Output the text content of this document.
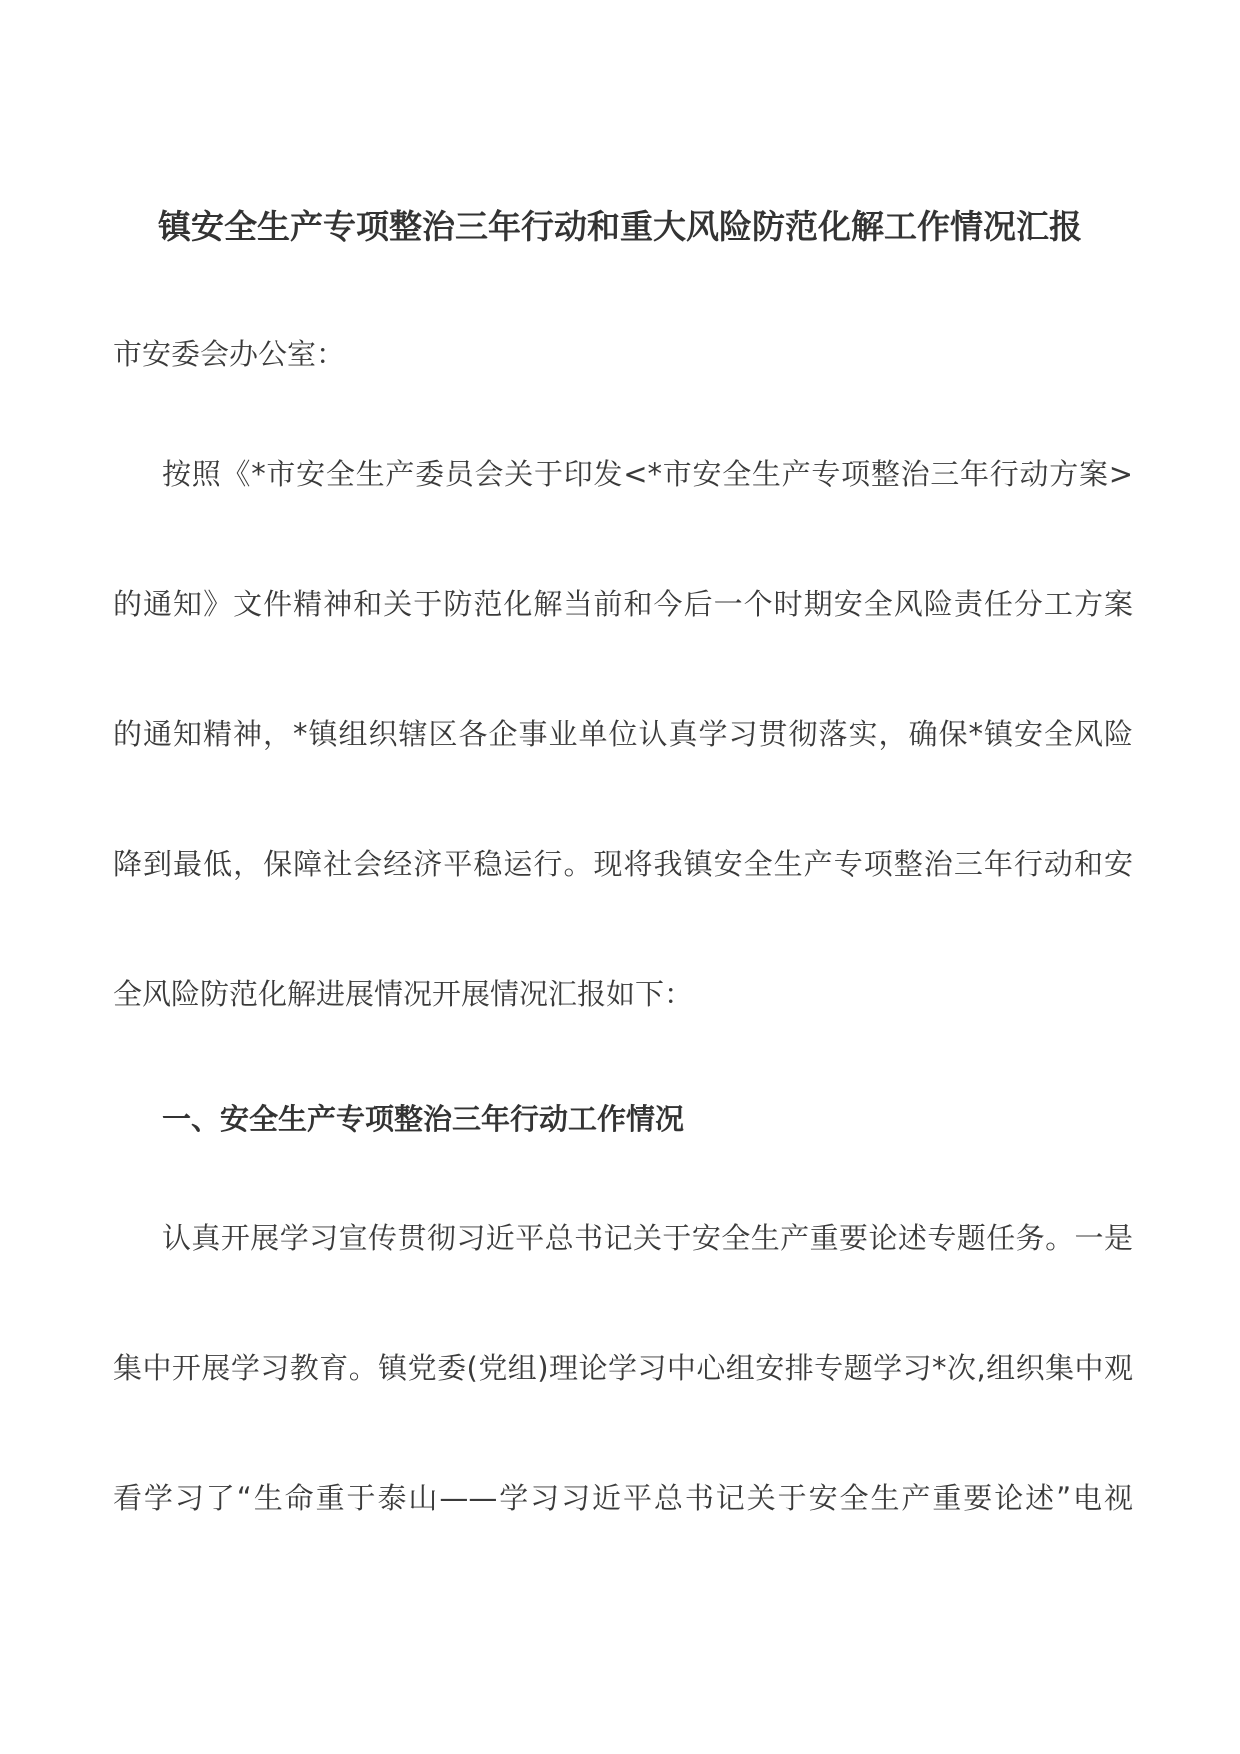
镇安全生产专项整治三年行动和重大风险防范化解工作情况汇报
市安委会办公室：
按照《*市安全生产委员会关于印发<*市安全生产专项整治三年行动方案>
的通知》文件精神和关于防范化解当前和今后一个时期安全风险责任分工方案
的通知精神，*镇组织辖区各企事业单位认真学习贯彻落实，确保*镇安全风险
降到最低，保障社会经济平稳运行。现将我镇安全生产专项整治三年行动和安
全风险防范化解进展情况开展情况汇报如下：
一、安全生产专项整治三年行动工作情况
认真开展学习宣传贯彻习近平总书记关于安全生产重要论述专题任务。一是
集中开展学习教育。镇党委(党组)理论学习中心组安排专题学习*次,组织集中观
看学习了“生命重于泰山——学习习近平总书记关于安全生产重要论述”电视
